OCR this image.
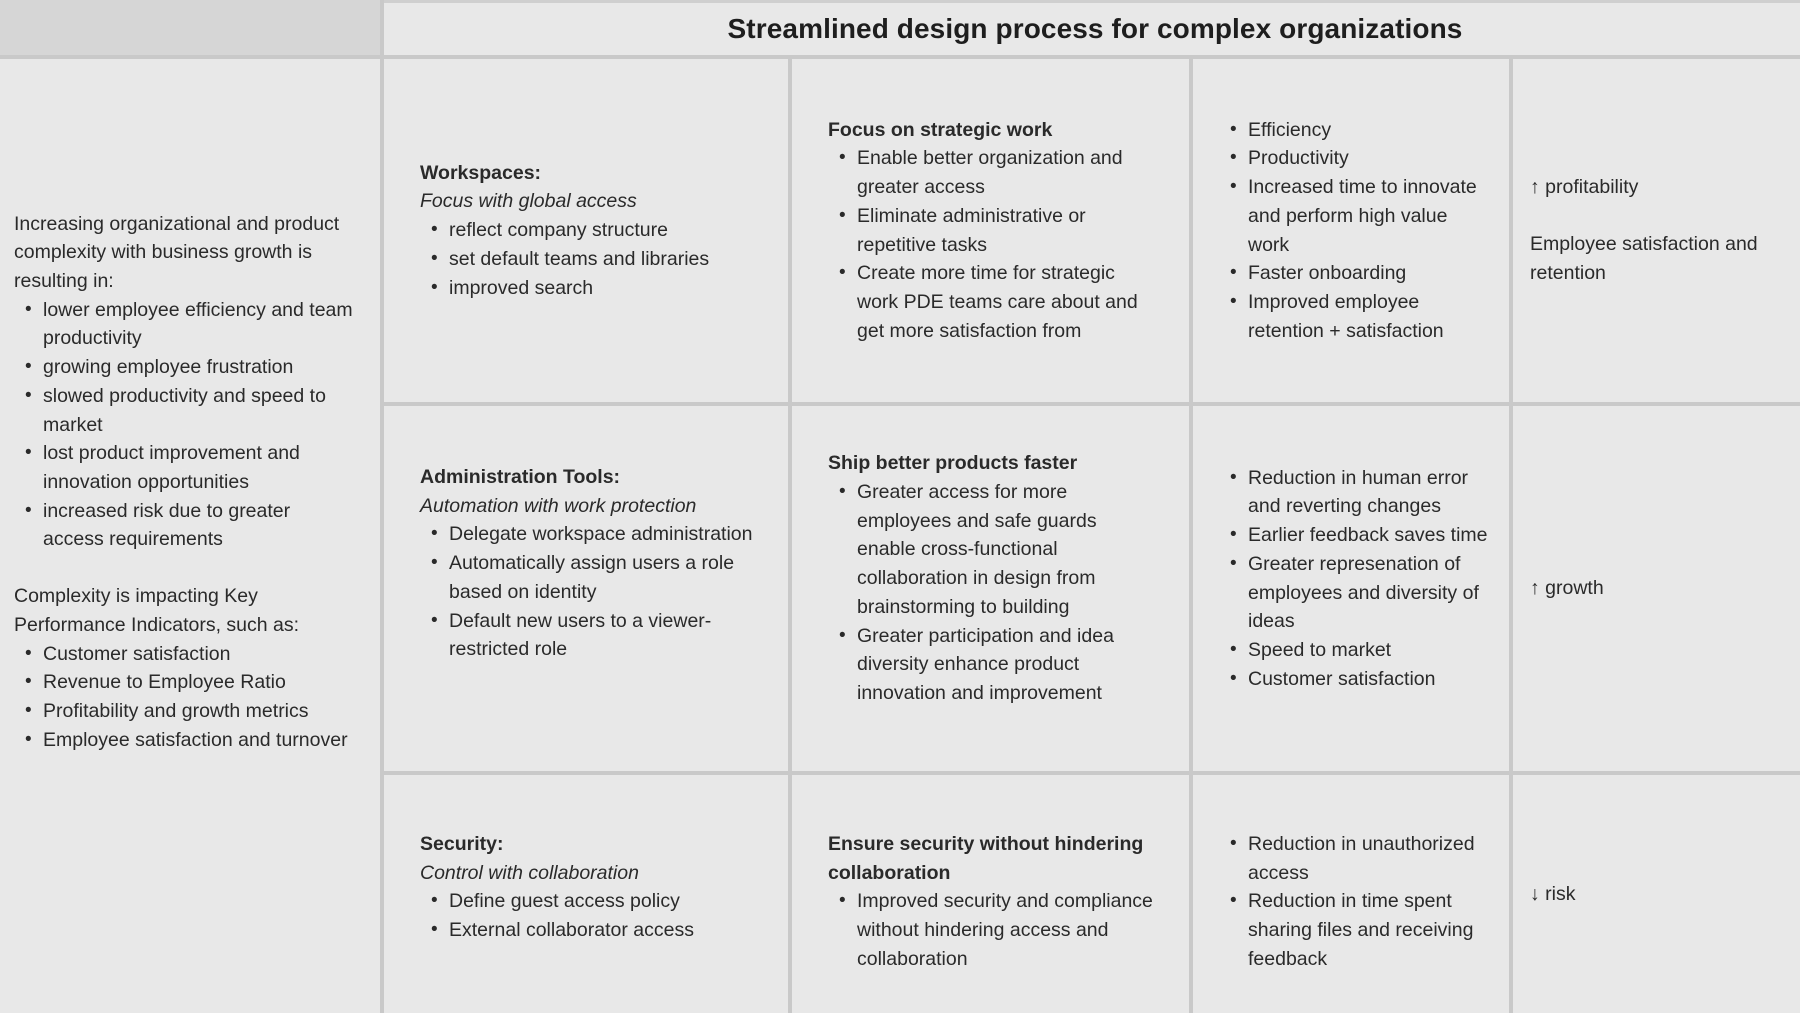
Streamlined design process for complex organizations

Increasing organizational and product complexity with business growth is resulting in:

• lower employee efficiency and team productivity
• growing employee frustration
• slowed productivity and speed to market
• lost product improvement and innovation opportunities
• increased risk due to greater access requirements

Complexity is impacting Key Performance Indicators, such as:

• Customer satisfaction
• Revenue to Employee Ratio
• Profitability and growth metrics
• Employee satisfaction and turnover
Workspaces:
Focus with global access
• reflect company structure
• set default teams and libraries
• improved search
Focus on strategic work
• Enable better organization and greater access
• Eliminate administrative or repetitive tasks
• Create more time for strategic work PDE teams care about and get more satisfaction from
• Efficiency
• Productivity
• Increased time to innovate and perform high value work
• Faster onboarding
• Improved employee retention + satisfaction

↑ profitability

Employee satisfaction and retention

Administration Tools:
Automation with work protection
• Delegate workspace administration
• Automatically assign users a role based on identity
• Default new users to a viewer-restricted role
Ship better products faster
• Greater access for more employees and safe guards enable cross-functional collaboration in design from brainstorming to building
• Greater participation and idea diversity enhance product innovation and improvement
• Reduction in human error and reverting changes
• Earlier feedback saves time
• Greater represenation of employees and diversity of ideas
• Speed to market
• Customer satisfaction

↑ growth

Security:
Control with collaboration
• Define guest access policy
• External collaborator access
Ensure security without hindering collaboration
• Improved security and compliance without hindering access and collaboration
• Reduction in unauthorized access
• Reduction in time spent sharing files and receiving feedback

↓ risk
